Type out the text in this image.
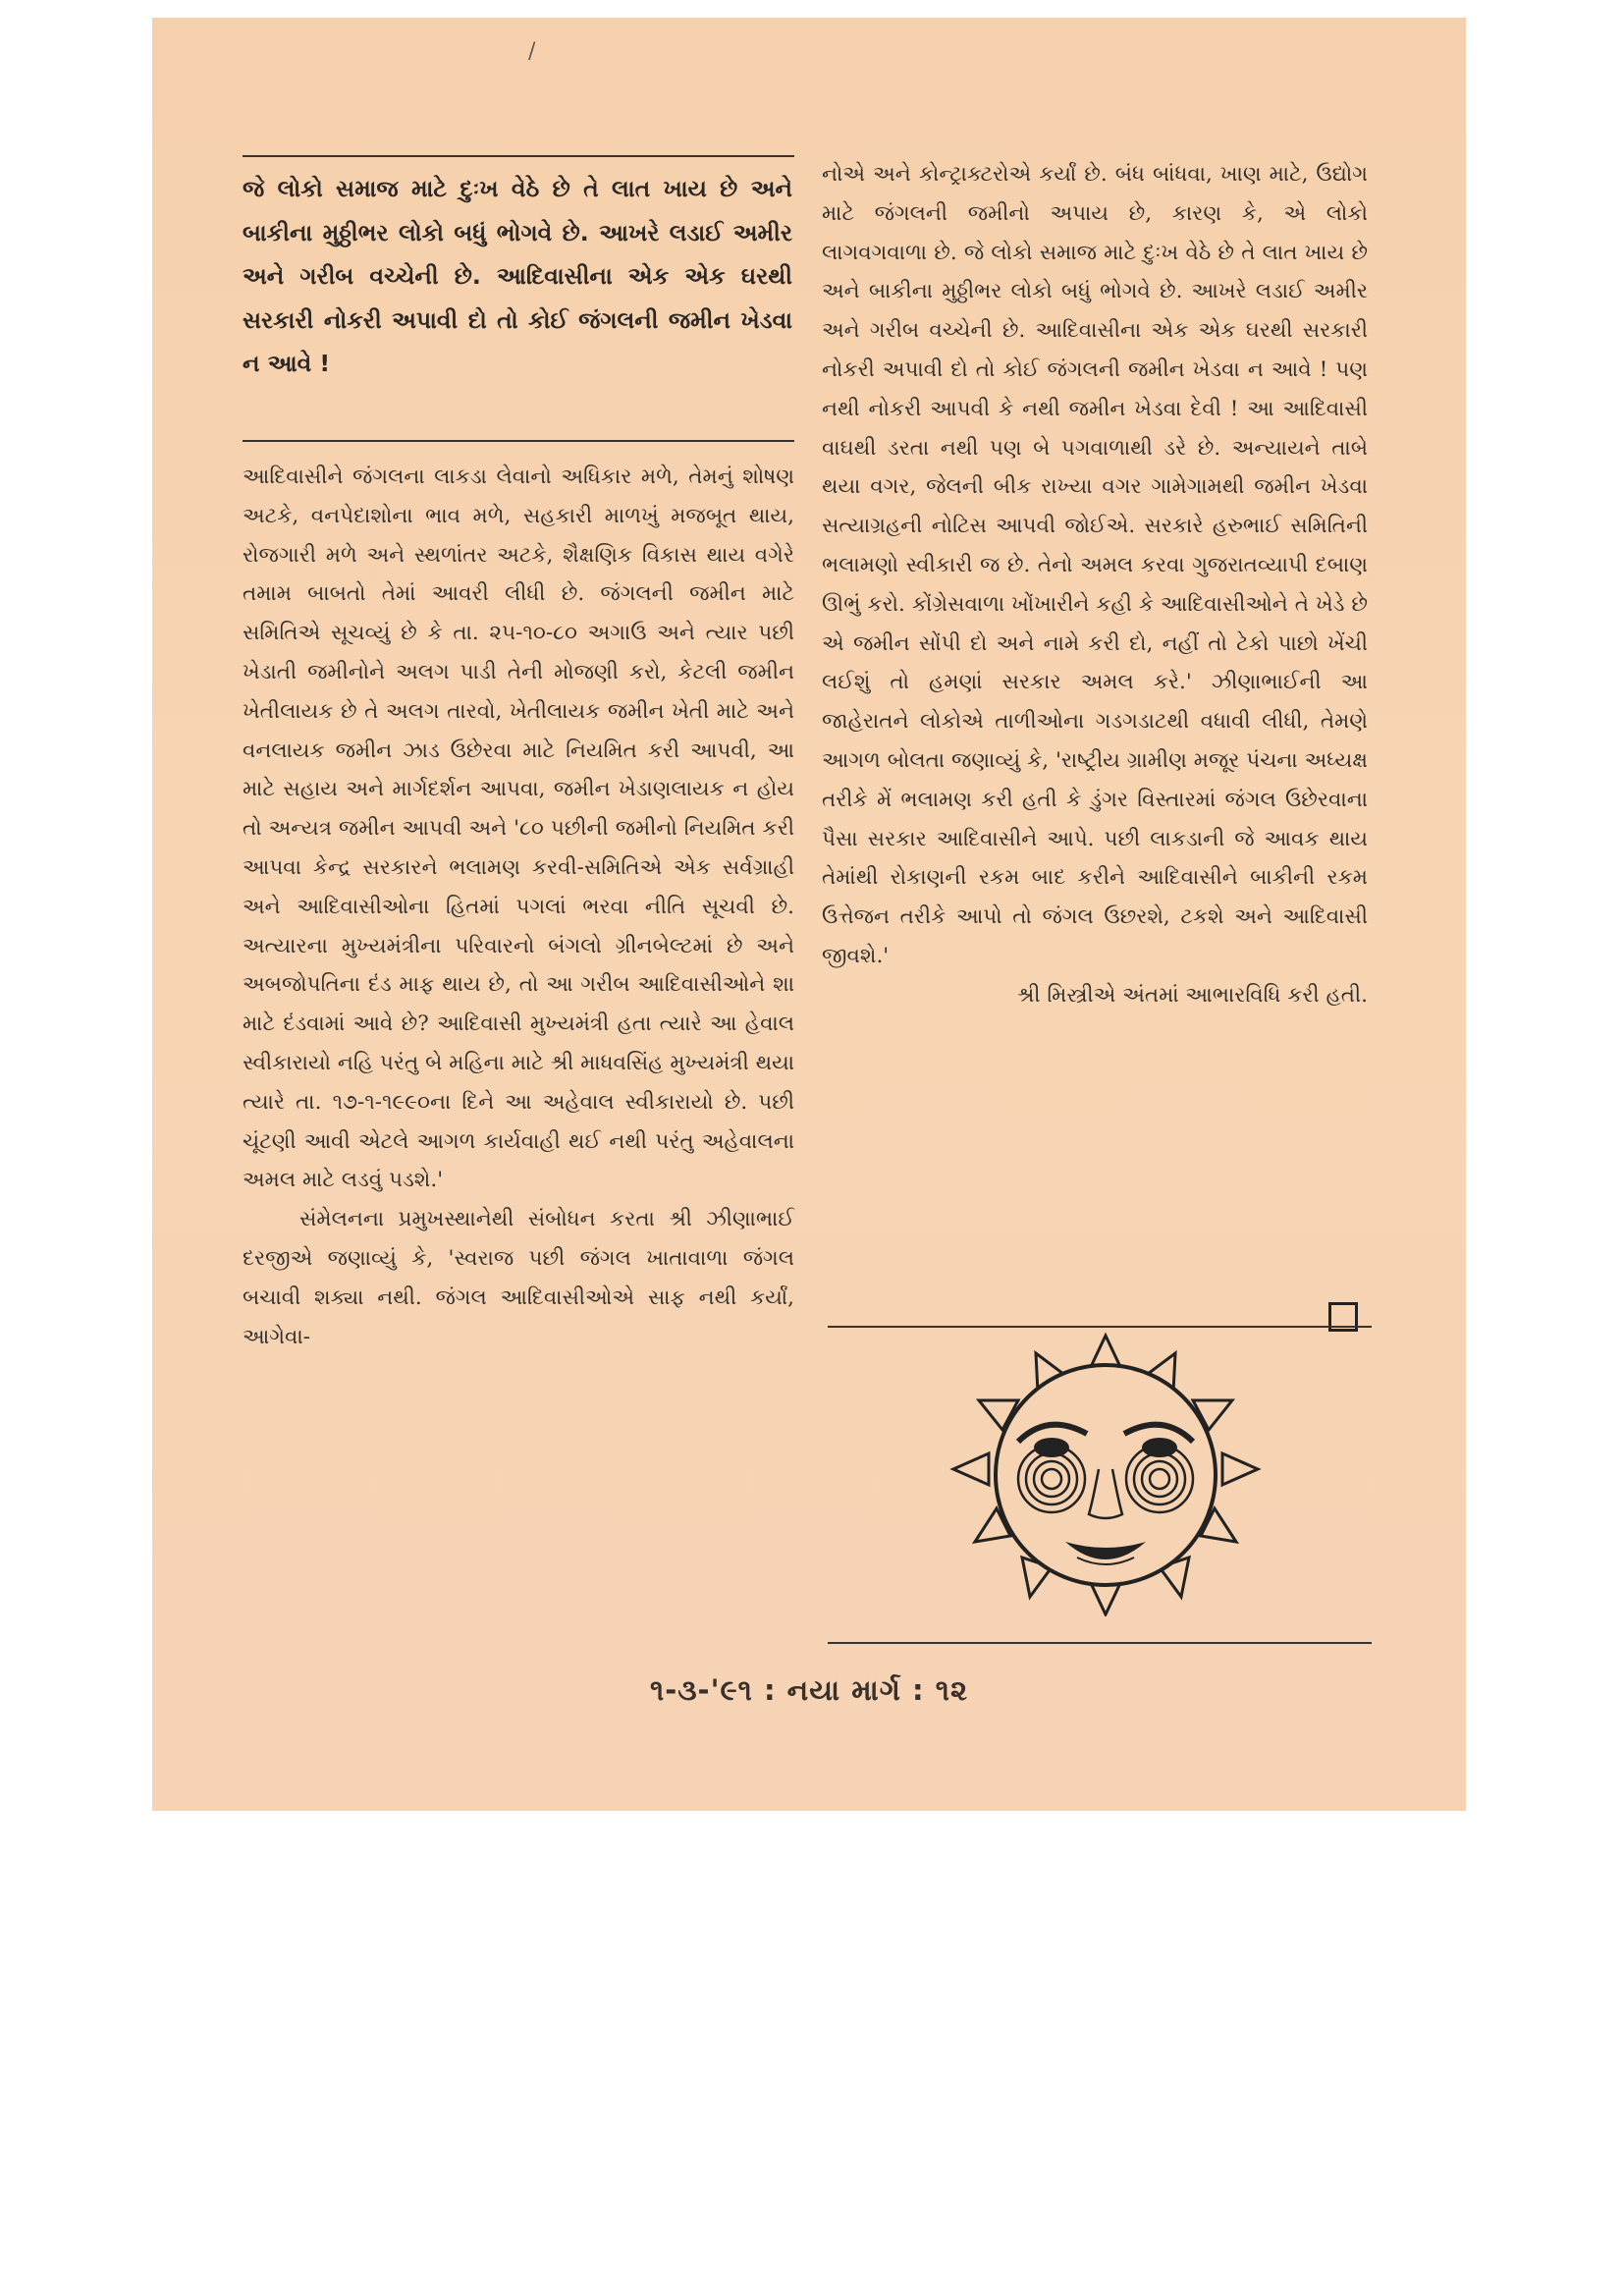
/
જે લોકો સમાજ માટે દુઃખ વેઠે છે તે લાત ખાય છે અને બાકીના મુઠ્ઠીભર લોકો બધું ભોગવે છે. આખરે લડાઈ અમીર અને ગરીબ વચ્ચેની છે. આદિવાસીના એક એક ઘરથી સરકારી નોકરી અપાવી દો તો કોઈ જંગલની જમીન ખેડવા ન આવે !

આદિવાસીને જંગલના લાકડા લેવાનો અધિકાર મળે, તેમનું શોષણ અટકે, વનપેદાશોના ભાવ મળે, સહકારી માળખું મજબૂત થાય, રોજગારી મળે અને સ્થળાંતર અટકે, શૈક્ષણિક વિકાસ થાય વગેરે તમામ બાબતો તેમાં આવરી લીધી છે. જંગલની જમીન માટે સમિતિએ સૂચવ્યું છે કે તા. ૨૫-૧૦-૮૦ અગાઉ અને ત્યાર પછી ખેડાતી જમીનોને અલગ પાડી તેની મોજણી કરો, કેટલી જમીન ખેતીલાયક છે તે અલગ તારવો, ખેતીલાયક જમીન ખેતી માટે અને વનલાયક જમીન ઝાડ ઉછેરવા માટે નિયમિત કરી આપવી, આ માટે સહાય અને માર્ગદર્શન આપવા, જમીન ખેડાણલાયક ન હોય તો અન્યત્ર જમીન આપવી અને '૮૦ પછીની જમીનો નિયમિત કરી આપવા કેન્દ્ર સરકારને ભલામણ કરવી-સમિતિએ એક સર્વગ્રાહી અને આદિવાસીઓના હિતમાં પગલાં ભરવા નીતિ સૂચવી છે. અત્યારના મુખ્યમંત્રીના પરિવારનો બંગલો ગ્રીનબેલ્ટમાં છે અને અબજોપતિના દંડ માફ થાય છે, તો આ ગરીબ આદિવાસીઓને શા માટે દંડવામાં આવે છે? આદિવાસી મુખ્યમંત્રી હતા ત્યારે આ હેવાલ સ્વીકારાયો નહિ પરંતુ બે મહિના માટે શ્રી માધવસિંહ મુખ્યમંત્રી થયા ત્યારે તા. ૧૭-૧-૧૯૯૦ના દિને આ અહેવાલ સ્વીકારાયો છે. પછી ચૂંટણી આવી એટલે આગળ કાર્યવાહી થઈ નથી પરંતુ અહેવાલના અમલ માટે લડવું પડશે.'

સંમેલનના પ્રમુખસ્થાનેથી સંબોધન કરતા શ્રી ઝીણાભાઈ દરજીએ જણાવ્યું કે, 'સ્વરાજ પછી જંગલ ખાતાવાળા જંગલ બચાવી શક્યા નથી. જંગલ આદિવાસીઓએ સાફ નથી કર્યાં, આગેવા-

નોએ અને કોન્ટ્રાક્ટરોએ કર્યાં છે. બંધ બાંધવા, ખાણ માટે, ઉદ્યોગ માટે જંગલની જમીનો અપાય છે, કારણ કે, એ લોકો લાગવગવાળા છે. જે લોકો સમાજ માટે દુઃખ વેઠે છે તે લાત ખાય છે અને બાકીના મુઠ્ઠીભર લોકો બધું ભોગવે છે. આખરે લડાઈ અમીર અને ગરીબ વચ્ચેની છે. આદિવાસીના એક એક ઘરથી સરકારી નોકરી અપાવી દો તો કોઈ જંગલની જમીન ખેડવા ન આવે ! પણ નથી નોકરી આપવી કે નથી જમીન ખેડવા દેવી ! આ આદિવાસી વાઘથી ડરતા નથી પણ બે પગવાળાથી ડરે છે. અન્યાયને તાબે થયા વગર, જેલની બીક રાખ્યા વગર ગામેગામથી જમીન ખેડવા સત્યાગ્રહની નોટિસ આપવી જોઈએ. સરકારે હરુભાઈ સમિતિની ભલામણો સ્વીકારી જ છે. તેનો અમલ કરવા ગુજરાતવ્યાપી દબાણ ઊભું કરો. કોંગ્રેસવાળા ખોંખારીને કહી કે આદિવાસીઓને તે ખેડે છે એ જમીન સોંપી દો અને નામે કરી દો, નહીં તો ટેકો પાછો ખેંચી લઈશું તો હમણાં સરકાર અમલ કરે.' ઝીણાભાઈની આ જાહેરાતને લોકોએ તાળીઓના ગડગડાટથી વધાવી લીધી, તેમણે આગળ બોલતા જણાવ્યું કે, 'રાષ્ટ્રીય ગ્રામીણ મજૂર પંચના અધ્યક્ષ તરીકે મેં ભલામણ કરી હતી કે ડુંગર વિસ્તારમાં જંગલ ઉછેરવાના પૈસા સરકાર આદિવાસીને આપે. પછી લાકડાની જે આવક થાય તેમાંથી રોકાણની રકમ બાદ કરીને આદિવાસીને બાકીની રકમ ઉત્તેજન તરીકે આપો તો જંગલ ઉછરશે, ટકશે અને આદિવાસી જીવશે.'

શ્રી મિસ્ત્રીએ અંતમાં આભારવિધિ કરી હતી.

૧-૩-'૯૧ : નયા માર્ગ : ૧૨
